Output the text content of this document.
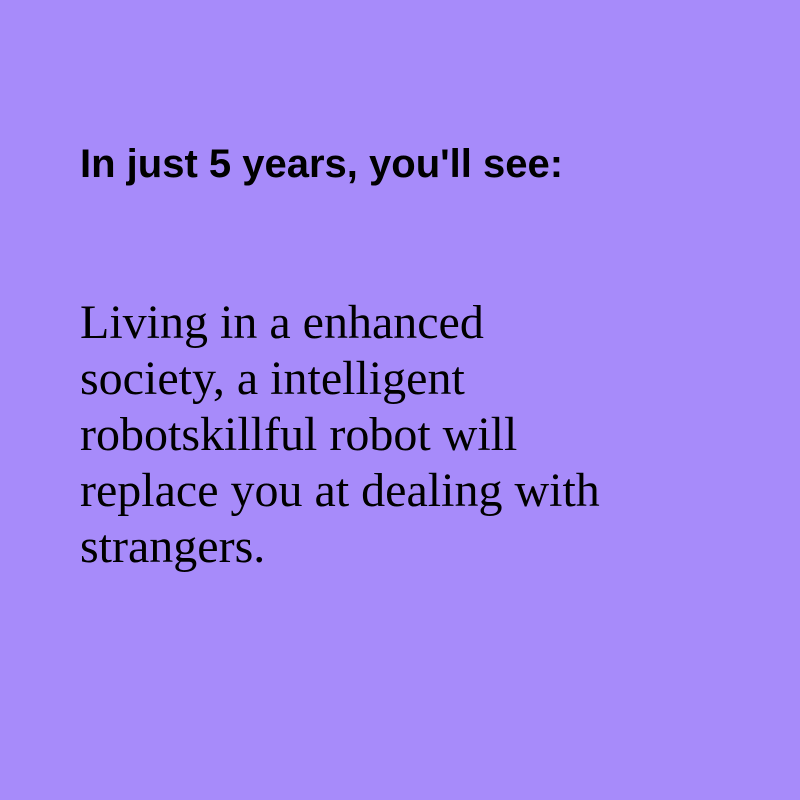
In just 5 years, you'll see:

Living in a enhanced society, a intelligent robotskillful robot will replace you at dealing with strangers.
